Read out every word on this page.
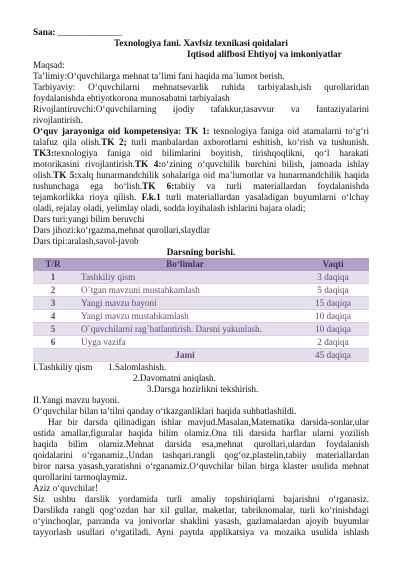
Sana: ______________
Texnologiya fani. Xavfsiz texnikasi qoidalari
Iqtisod alifbosi Ehtiyoj va imkoniyatlar
Maqsad:
Ta’limiy:O‘quvchilarga mehnat ta’limi fani haqida ma`lumot berish.
Tarbiyaviy: O‘quvchilarni mehnatsevarlik ruhida tarbiyalash,ish qurollaridan
foydalanishda ehtiyotkorona munosabatni tarbiyalash
Rivojlantiruvchi:O‘quvchilarning ijodiy tafakkur,tasavvur va fantaziyalarini
rivojlantirish.
O‘quv jarayoniga oid kompetensiya: TK 1: texnologiya faniga oid atamalarni to‘g‘ri
talafuz qila olish.TK 2; turli manbalardan axborotlarni eshitish, ko‘rish va tushunish.
TK3:texnologiya faniga oid bilimlarini boyitish, tirishqoqlikni, qo‘l harakati
motorikasini rivojlantirish.TK 4:o‘zining o‘quvchilik burchini bilish, jamoada ishlay
olish.TK 5:xalq hunarmandchilik sohalariga oid ma’lumotlar va hunarmandchilik haqida
tushunchaga ega bo‘lish.TK 6:tabiiy va turli materiallardan foydalanishda
tejamkorlikka rioya qilish. F.k.1 turli materiallardan yasaladigan buyumlarni o‘lchay
oladi, rejalay oladi, yelimlay oladi, sodda loyihalash ishlarini bajara oladi;
Dars turi:yangi bilim beruvchi
Dars jihozi:ko‘rgazma,mehnat qurollari,slaydlar
Dars tipi:aralash,savol-javob
Darsning borishi.
T/R	Bo‘limlar	Vaqti
1	Tashkiliy qism	3 daqiqa
2	O`tgan mavzuni mustahkamlash	5 daqiqa
3	Yangi mavzu bayoni	15 daqiqa
4	Yangi mavzu mustahkamlash	10 daqiqa
5	O`quvchilarni rag`batlantirish. Darsni yakunlash.	10 daqiqa
6	Uyga vazifa	2 daqiqa
Jami	45 daqiqa
I.Tashkiliy qism 1.Salomlashish.
2.Davomatni aniqlash.
3.Darsga hozirlikni tekshirish.
II.Yangi mavzu bayoni.
O‘quvchilar bilan ta’tilni qanday o‘tkazganliklari haqida suhbatlashildi.
Har bir darsda qilinadigan ishlar mavjud.Masalan,Matematika darsida-sonlar,ular
ustida amallar,figuralar haqida bilim olamiz.Ona tili darsida harflar ularni yozilish
haqida bilim olamiz.Mehnat darsida esa,mehnat qurollari,ulardan foydalanish
qoidalarini o‘rganamiz.,Undan tashqari.rangli qog‘oz,plastelin,tabiiy materiallardan
biror narsa yasash,yaratishni o‘rganamiz.O‘quvchilar bilan birga klaster usulida mehnat
qurollarini tarmoqlaymiz.
Aziz o‘quvchilar!
Siz ushbu darslik yordamida turli amaliy topshiriqlarni bajarishni o‘rganasiz.
Darslikda rangli qog‘ozdan har xil gullar, maketlar, tabriknomalar, turli ko‘rinishdagi
o‘yinchoqlar, parranda va jonivorlar shaklini yasash, gazlamalardan ajoyib buyumlar
tayyorlash usullari o‘rgatiladi. Ayni paytda applikatsiya va mozaika usulida ishlash
